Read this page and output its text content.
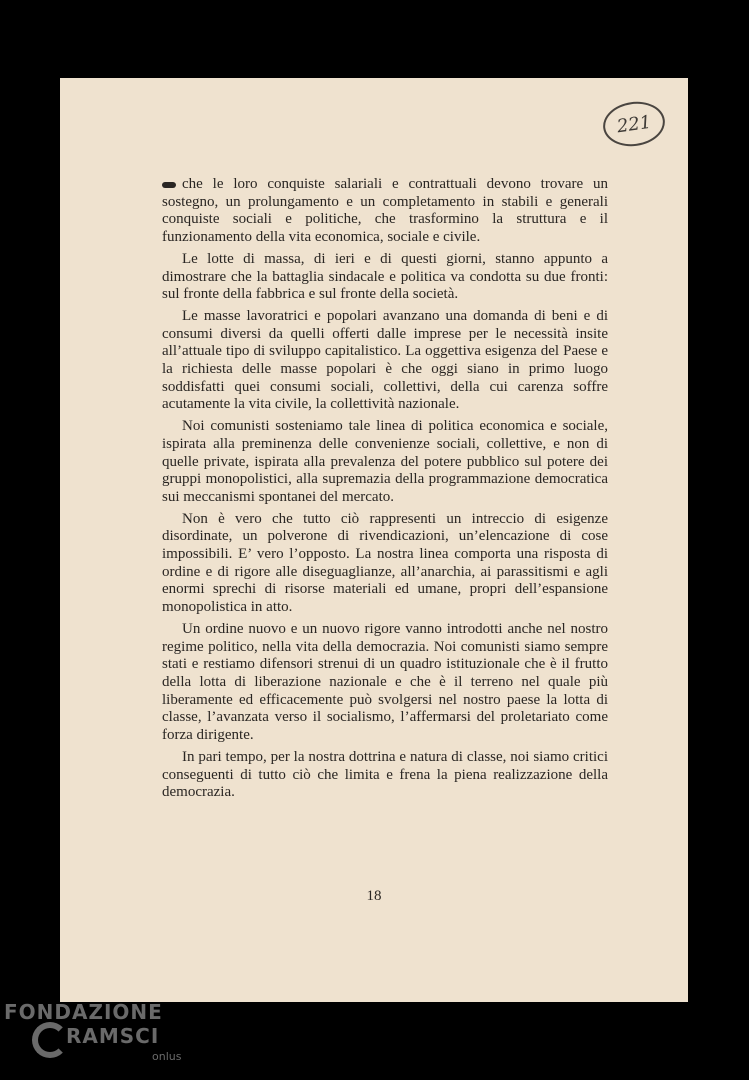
221

che le loro conquiste salariali e contrattuali devono trovare un sostegno, un prolungamento e un completamento in stabili e generali conquiste sociali e politiche, che trasformino la struttura e il funzionamento della vita economica, sociale e civile.

Le lotte di massa, di ieri e di questi giorni, stanno appunto a dimostrare che la battaglia sindacale e politica va condotta su due fronti: sul fronte della fabbrica e sul fronte della società.

Le masse lavoratrici e popolari avanzano una domanda di beni e di consumi diversi da quelli offerti dalle imprese per le necessità insite all’attuale tipo di sviluppo capitalistico. La oggettiva esigenza del Paese e la richiesta delle masse popolari è che oggi siano in primo luogo soddisfatti quei consumi sociali, collettivi, della cui carenza soffre acutamente la vita civile, la collettività nazionale.

Noi comunisti sosteniamo tale linea di politica economica e sociale, ispirata alla preminenza delle convenienze sociali, collettive, e non di quelle private, ispirata alla prevalenza del potere pubblico sul potere dei gruppi monopolistici, alla supremazia della programmazione democratica sui meccanismi spontanei del mercato.

Non è vero che tutto ciò rappresenti un intreccio di esigenze disordinate, un polverone di rivendicazioni, un’elencazione di cose impossibili. E’ vero l’opposto. La nostra linea comporta una risposta di ordine e di rigore alle diseguaglianze, all’anarchia, ai parassitismi e agli enormi sprechi di risorse materiali ed umane, propri dell’espansione monopolistica in atto.

Un ordine nuovo e un nuovo rigore vanno introdotti anche nel nostro regime politico, nella vita della democrazia. Noi comunisti siamo sempre stati e restiamo difensori strenui di un quadro istituzionale che è il frutto della lotta di liberazione nazionale e che è il terreno nel quale più liberamente ed efficacemente può svolgersi nel nostro paese la lotta di classe, l’avanzata verso il socialismo, l’affermarsi del proletariato come forza dirigente.

In pari tempo, per la nostra dottrina e natura di classe, noi siamo critici conseguenti di tutto ciò che limita e frena la piena realizzazione della democrazia.

18
FONDAZIONE
RAMSCI
onlus
